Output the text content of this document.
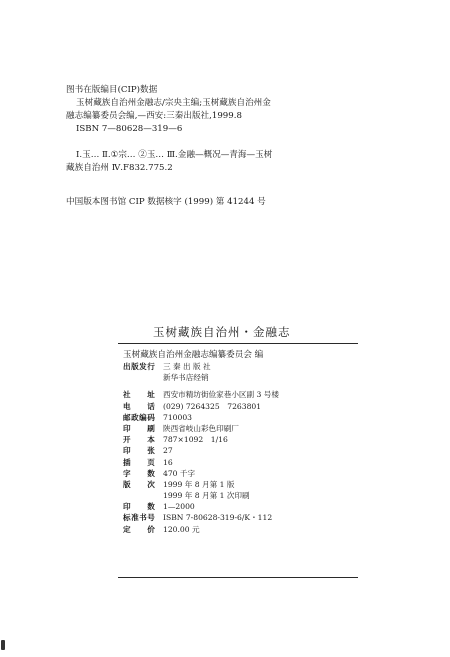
图书在版编目(CIP)数据
玉树藏族自治州金融志/宗央主编;玉树藏族自治州金
融志编纂委员会编,—西安:三秦出版社,1999.8
ISBN 7—80628—319—6
Ⅰ.玉… Ⅱ.①宗… ②玉… Ⅲ.金融—概况—青海—玉树
藏族自治州 Ⅳ.F832.775.2
中国版本图书馆 CIP 数据核字 (1999) 第 41244 号
玉树藏族自治州・金融志
玉树藏族自治州金融志编纂委员会 编
出版发行	三 秦 出 版 社
新华书店经销
社　　址	西安市精坊街俭家巷小区副 3 号楼
电　　话	(029) 7264325　7263801
邮政编码	710003
印　　刷	陕西省岐山彩色印刷厂
开　　本	787×1092　1/16
印　　张	27
插　　页	16
字　　数	470 千字
版　　次	1999 年 8 月第 1 版
1999 年 8 月第 1 次印刷
印　　数	1—2000
标准书号	ISBN 7-80628-319-6/K・112
定　　价	120.00 元
